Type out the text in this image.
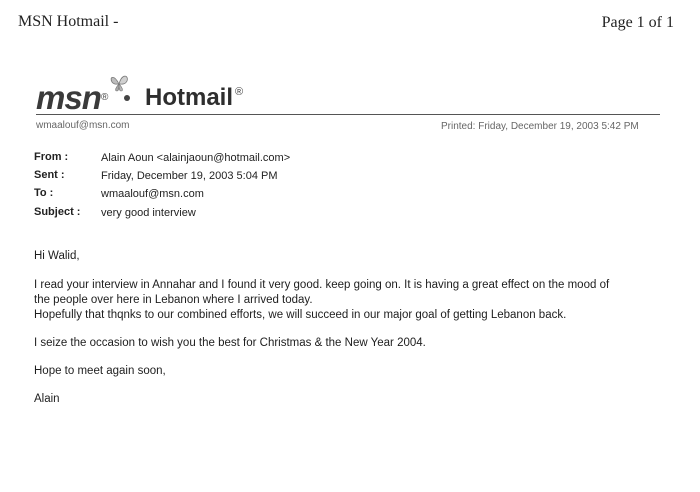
MSN Hotmail -	Page 1 of 1
msn ® Hotmail ®
wmaalouf@msn.com	Printed: Friday, December 19, 2003 5:42 PM
From :	Alain Aoun <alainjaoun@hotmail.com>
Sent :	Friday, December 19, 2003 5:04 PM
To :	wmaalouf@msn.com
Subject : very good interview
Hi Walid,
I read your interview in Annahar and I found it very good. keep going on. It is having a great effect on the mood of
the people over here in Lebanon where I arrived today.
Hopefully that thqnks to our combined efforts, we will succeed in our major goal of getting Lebanon back.
I seize the occasion to wish you the best for Christmas & the New Year 2004.
Hope to meet again soon,
Alain
